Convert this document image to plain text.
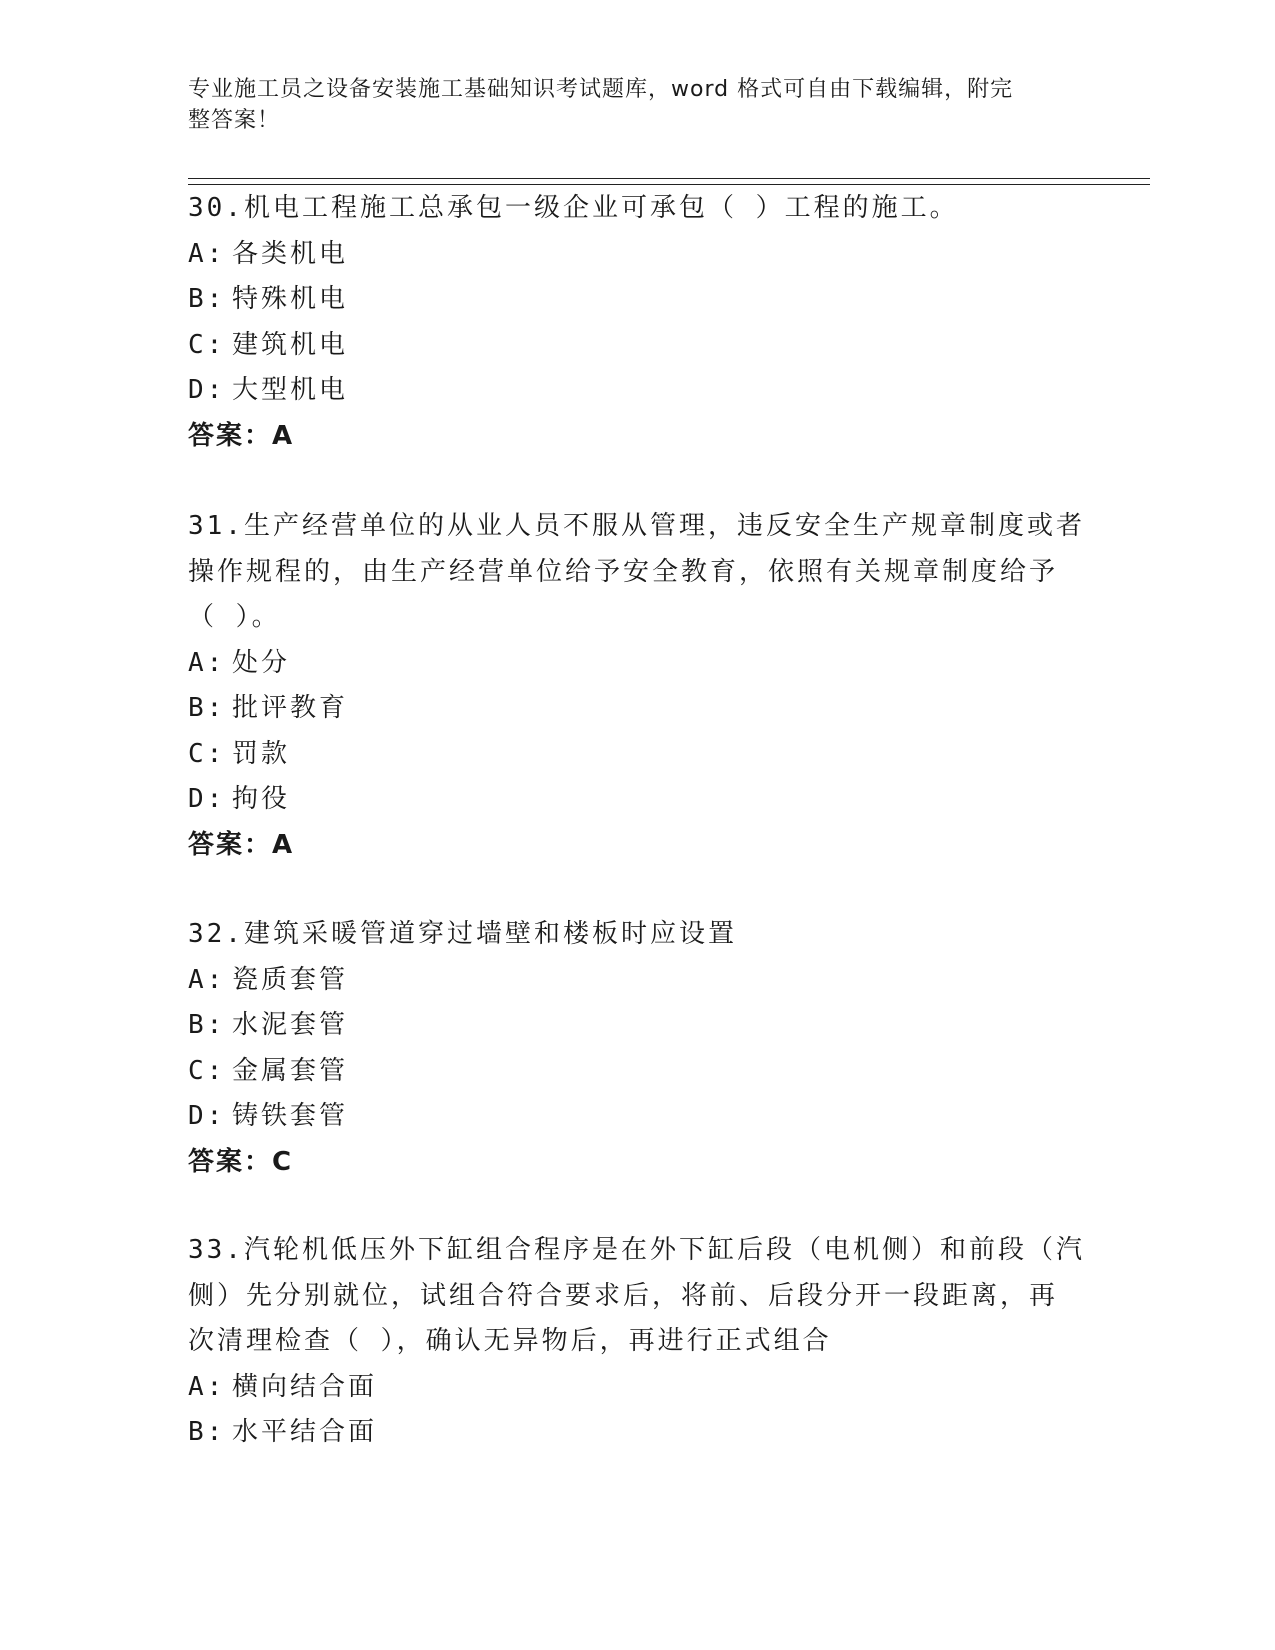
专业施工员之设备安装施工基础知识考试题库，word 格式可自由下载编辑，附完
整答案！
30.机电工程施工总承包一级企业可承包（ ）工程的施工。
A: 各类机电
B: 特殊机电
C: 建筑机电
D: 大型机电
答案：A
31.生产经营单位的从业人员不服从管理，违反安全生产规章制度或者
操作规程的，由生产经营单位给予安全教育，依照有关规章制度给予
（ ）。
A: 处分
B: 批评教育
C: 罚款
D: 拘役
答案：A
32.建筑采暖管道穿过墙壁和楼板时应设置
A: 瓷质套管
B: 水泥套管
C: 金属套管
D: 铸铁套管
答案：C
33.汽轮机低压外下缸组合程序是在外下缸后段（电机侧）和前段（汽
侧）先分别就位，试组合符合要求后，将前、后段分开一段距离，再
次清理检查（ ），确认无异物后，再进行正式组合
A: 横向结合面
B: 水平结合面
